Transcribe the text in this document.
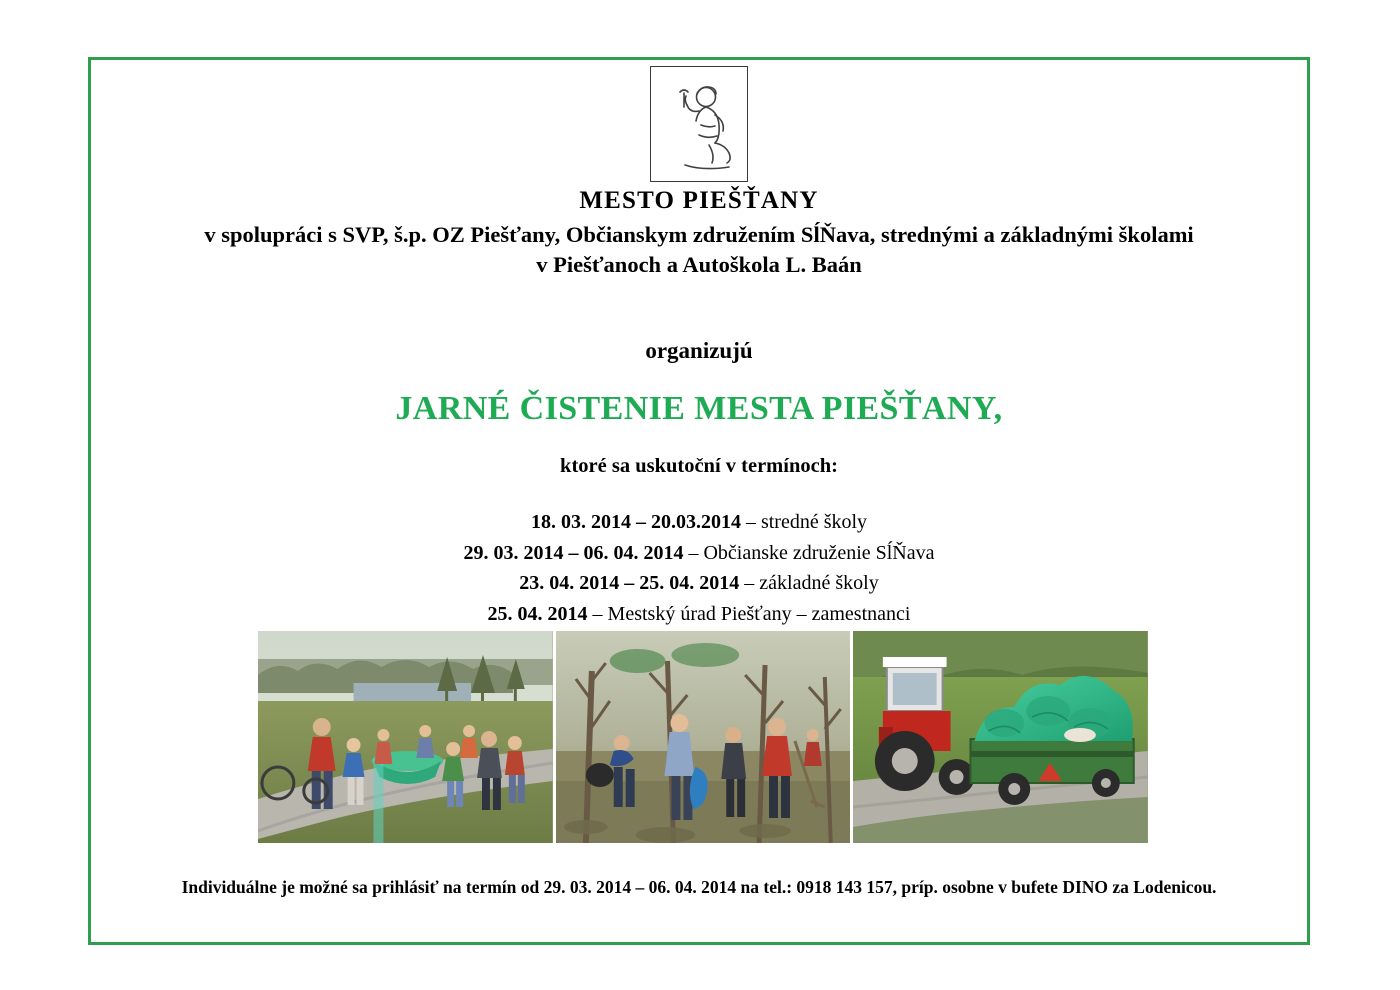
MESTO PIEŠŤANY
v spolupráci s SVP, š.p. OZ Piešťany, Občianskym združením SĺŇava, strednými a základnými školami
v Piešťanoch a Autoškola L. Baán
organizujú
JARNÉ ČISTENIE MESTA PIEŠŤANY,
ktoré sa uskutoční v termínoch:
18. 03. 2014 – 20.03.2014 – stredné školy
29. 03. 2014 – 06. 04. 2014 – Občianske združenie SĺŇava
23. 04. 2014 – 25. 04. 2014 – základné školy
25. 04. 2014 – Mestský úrad Piešťany – zamestnanci
Individuálne je možné sa prihlásiť na termín od 29. 03. 2014 – 06. 04. 2014 na tel.: 0918 143 157, príp. osobne v bufete DINO za Lodenicou.
